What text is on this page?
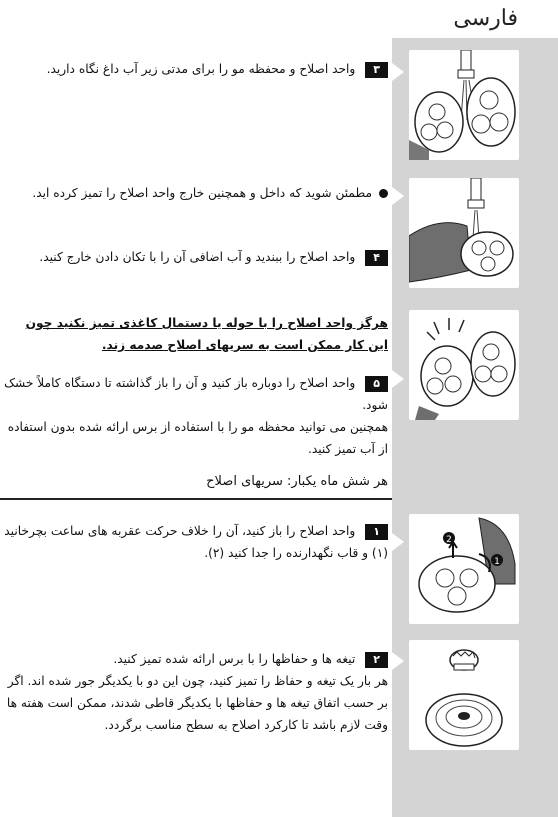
فارسی
2
1
۳واحد اصلاح و محفظه مو را برای مدتی زیر آب داغ نگاه دارید.
مطمئن شوید که داخل و همچنین خارج واحد اصلاح را تمیز کرده اید.
۴واحد اصلاح را ببندید و آب اضافی آن را با تکان دادن خارج کنید.
هرگز واحد اصلاح را با حوله یا دستمال کاغذی تمیز نکنید چون این کار ممکن است به سریهای اصلاح صدمه زند.
۵واحد اصلاح را دوباره باز کنید و آن را باز گذاشته تا دستگاه کاملاً خشک شود.
همچنین می توانید محفظه مو را با استفاده از برس ارائه شده بدون استفاده از آب تمیز کنید.
هر شش ماه یکبار: سریهای اصلاح
۱واحد اصلاح را باز کنید، آن را خلاف حرکت عقربه های ساعت بچرخانید (۱) و قاب نگهدارنده را جدا کنید (۲).
۲تیغه ها و حفاظها را با برس ارائه شده تمیز کنید.
هر بار یک تیغه و حفاظ را تمیز کنید، چون این دو با یکدیگر جور شده اند. اگر بر حسب اتفاق تیغه ها و حفاظها با یکدیگر قاطی شدند، ممکن است هفته ها وقت لازم باشد تا کارکرد اصلاح به سطح مناسب برگردد.
